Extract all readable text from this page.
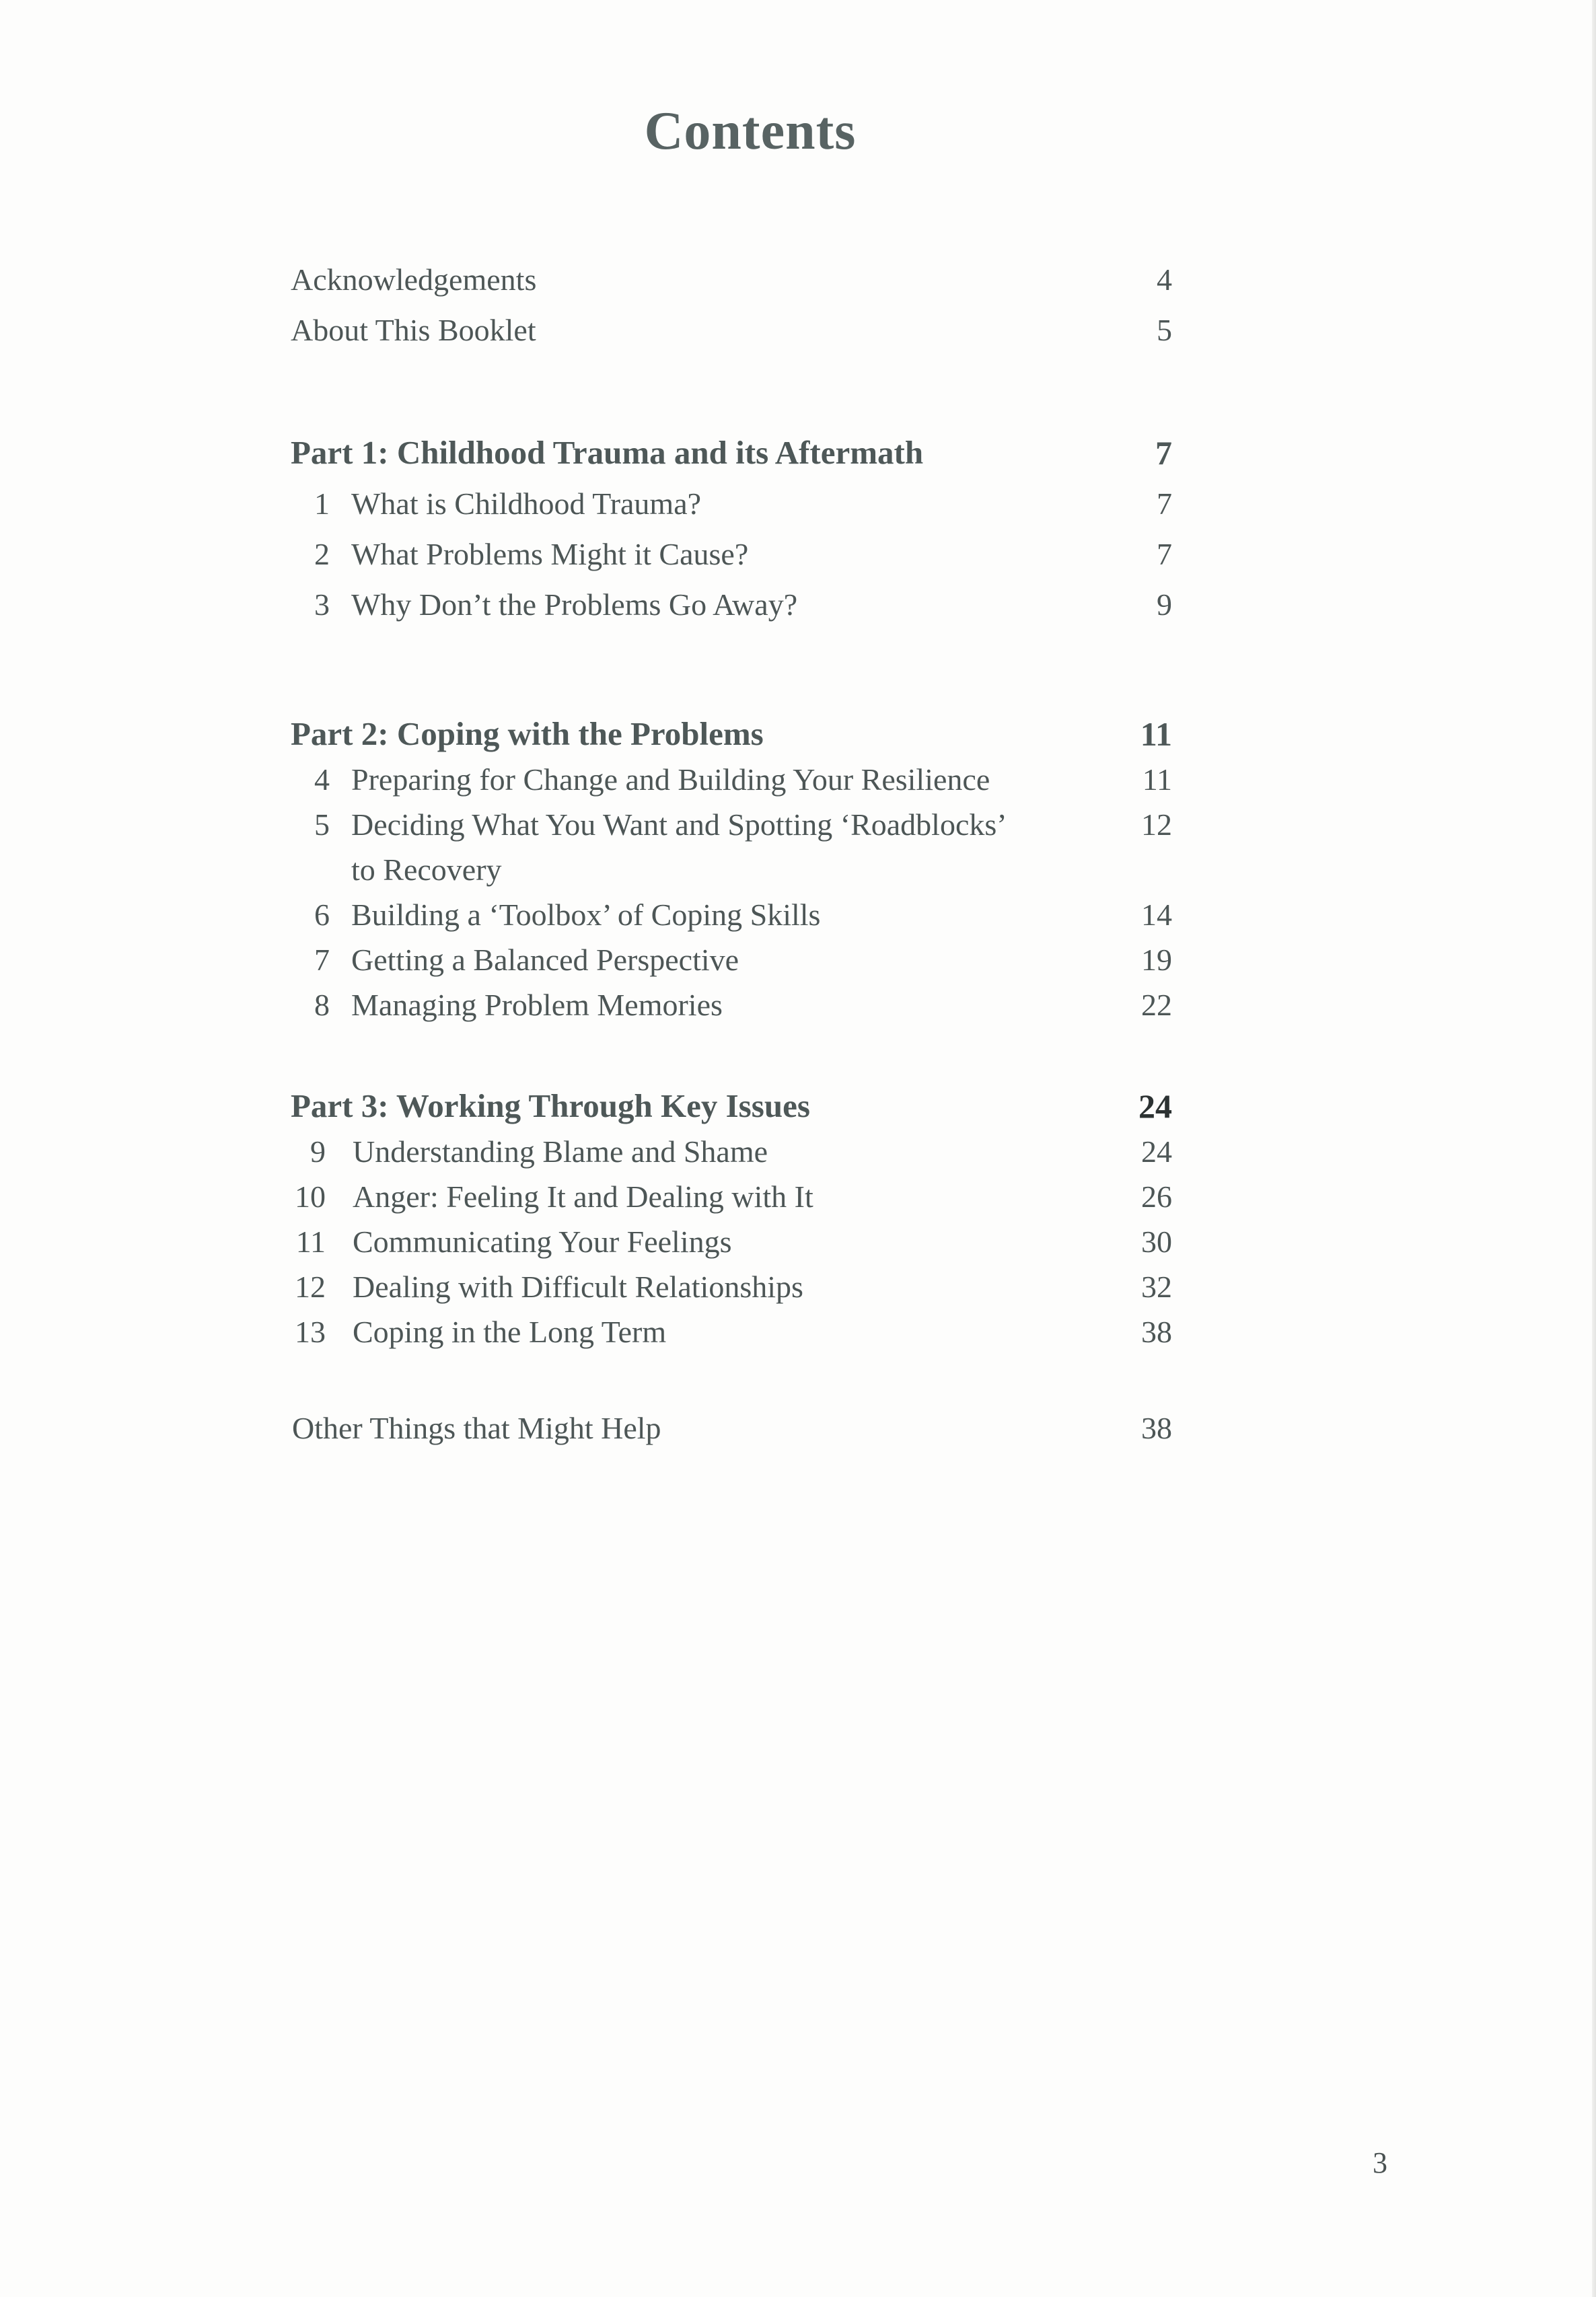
Contents
Acknowledgements	4
About This Booklet	5
Part 1: Childhood Trauma and its Aftermath	7
1 What is Childhood Trauma?	7
2 What Problems Might it Cause?	7
3 Why Don’t the Problems Go Away?	9
Part 2: Coping with the Problems	11
4 Preparing for Change and Building Your Resilience	11
5 Deciding What You Want and Spotting ‘Roadblocks’	12
to Recovery
6 Building a ‘Toolbox’ of Coping Skills	14
7 Getting a Balanced Perspective	19
8 Managing Problem Memories	22
Part 3: Working Through Key Issues	24
9 Understanding Blame and Shame	24
10 Anger: Feeling It and Dealing with It	26
11 Communicating Your Feelings	30
12 Dealing with Difficult Relationships	32
13 Coping in the Long Term	38
Other Things that Might Help	38
3
